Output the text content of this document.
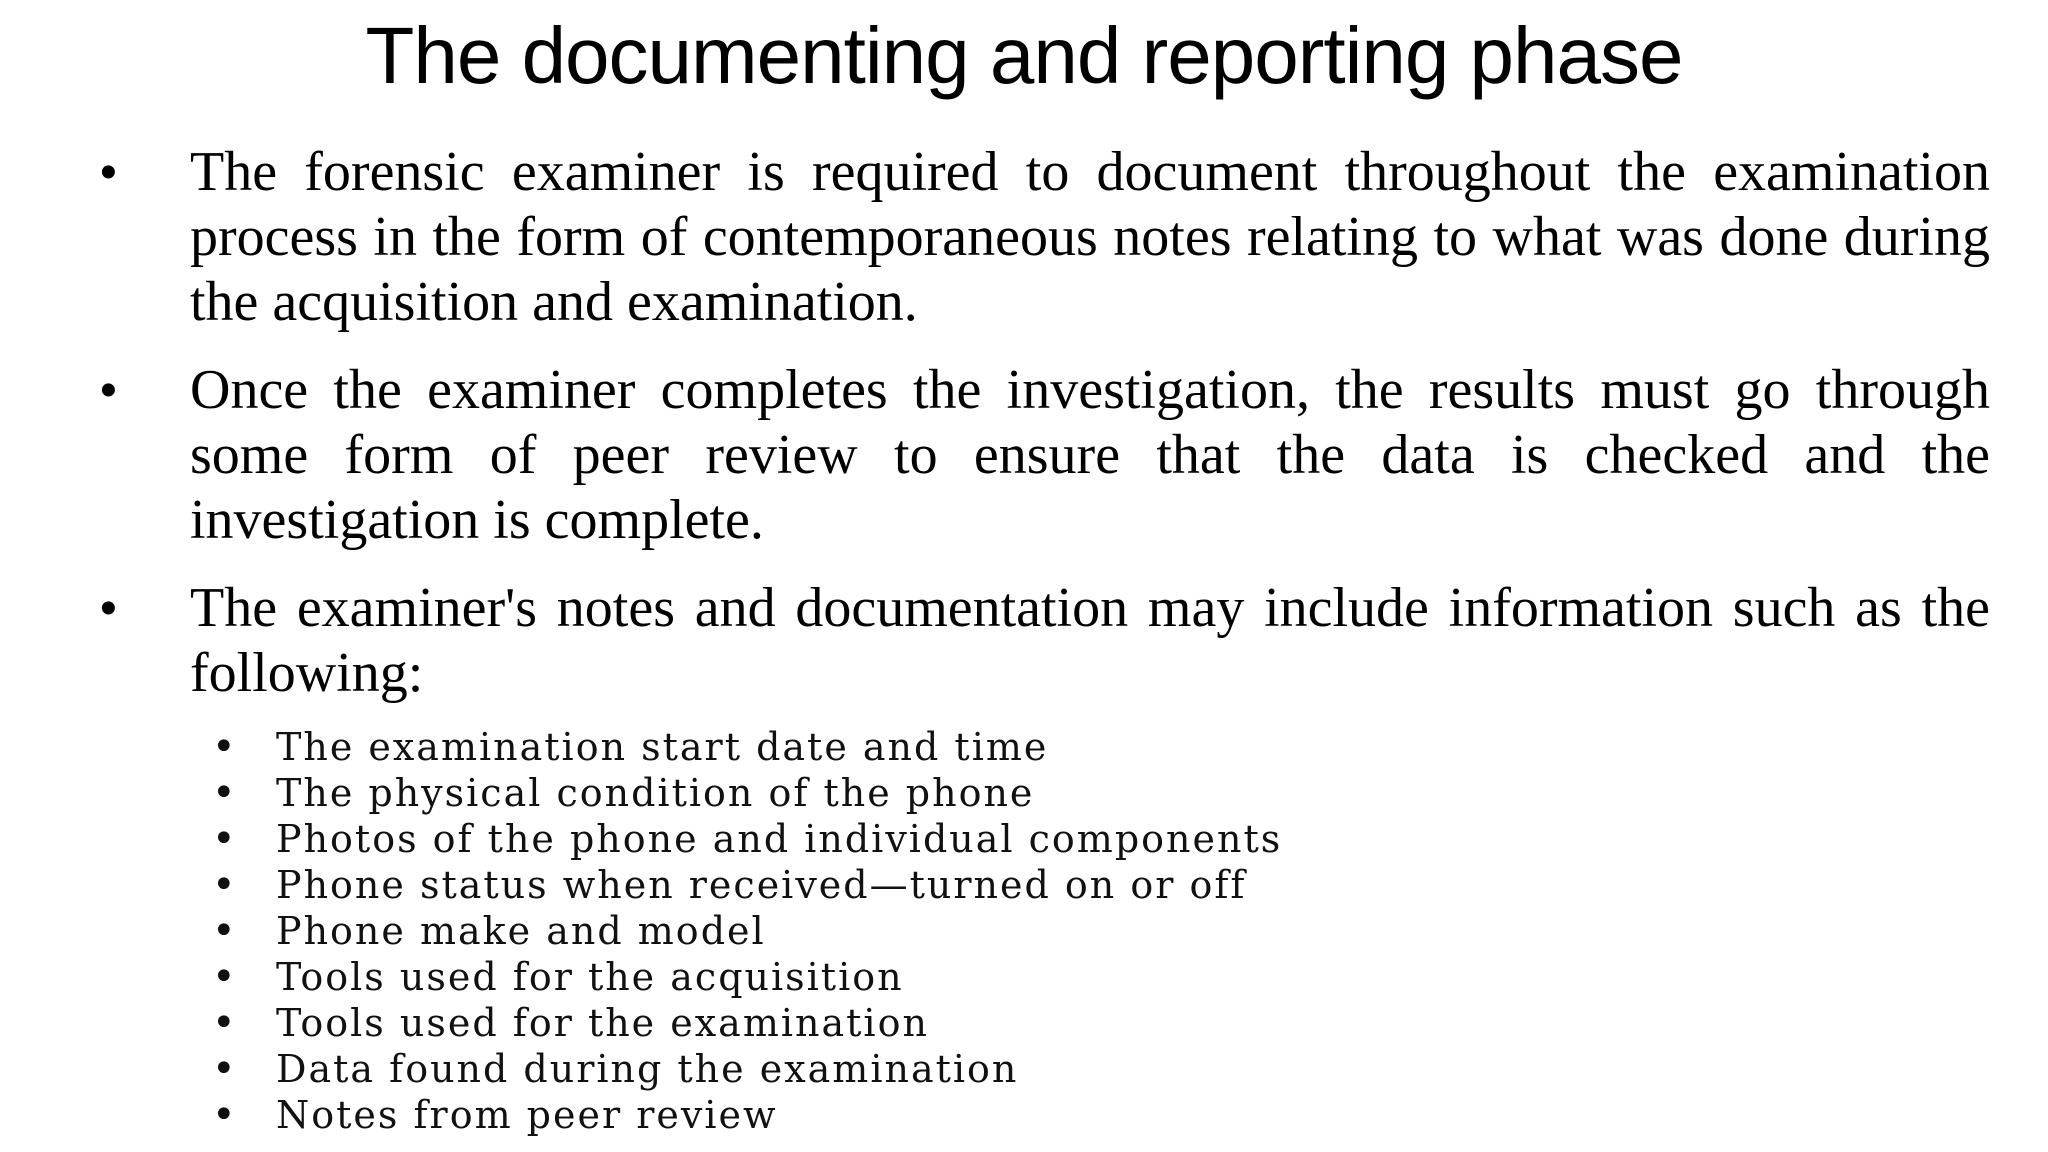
The documenting and reporting phase
• The forensic examiner is required to document throughout the examination process in the form of contemporaneous notes relating to what was done during the acquisition and examination.
• Once the examiner completes the investigation, the results must go through some form of peer review to ensure that the data is checked and the investigation is complete.
• The examiner's notes and documentation may include information such as the following:
• The examination start date and time
• The physical condition of the phone
• Photos of the phone and individual components
• Phone status when received—turned on or off
• Phone make and model
• Tools used for the acquisition
• Tools used for the examination
• Data found during the examination
• Notes from peer review
